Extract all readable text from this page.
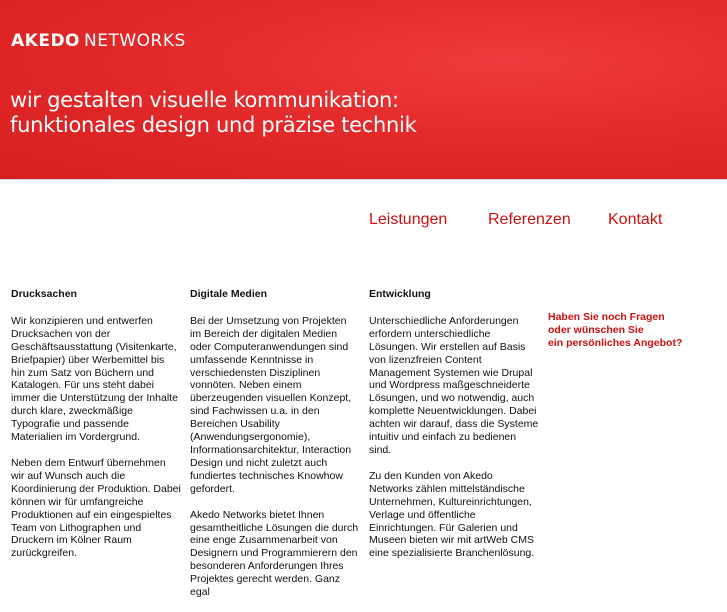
AKEDO NETWORKS
wir gestalten visuelle kommunikation:
funktionales design und präzise technik
Leistungen	Referenzen Kontakt
Drucksachen

Wir konzipieren und entwerfen Drucksachen von der Geschäftsausstattung (Visitenkarte, Briefpapier) über Werbemittel bis hin zum Satz von Büchern und Katalogen. Für uns steht dabei immer die Unterstützung der Inhalte durch klare, zweckmäßige Typografie und passende Materialien im Vordergrund.

Neben dem Entwurf übernehmen wir auf Wunsch auch die Koordinierung der Produktion. Dabei können wir für umfangreiche Produktionen auf ein eingespieltes Team von Lithographen und Druckern im Kölner Raum zurückgreifen.

Digitale Medien

Bei der Umsetzung von Projekten im Bereich der digitalen Medien oder Computeranwendungen sind umfassende Kenntnisse in verschiedensten Disziplinen vonnöten. Neben einem überzeugenden visuellen Konzept, sind Fachwissen u.a. in den Bereichen Usability (Anwendungsergonomie), Informationsarchitektur, Interaction Design und nicht zuletzt auch fundiertes technisches Knowhow gefordert.

Akedo Networks bietet Ihnen gesamtheitliche Lösungen die durch eine enge Zusammenarbeit von Designern und Programmierern den besonderen Anforderungen Ihres Projektes gerecht werden. Ganz egal

Entwicklung

Unterschiedliche Anforderungen erfordern unterschiedliche Lösungen. Wir erstellen auf Basis von lizenzfreien Content Management Systemen wie Drupal und Wordpress maßgeschneiderte Lösungen, und wo notwendig, auch komplette Neuentwicklungen. Dabei achten wir darauf, dass die Systeme intuitiv und einfach zu bedienen sind.

Zu den Kunden von Akedo Networks zählen mittelständische Unternehmen, Kultureinrichtungen, Verlage und öffentliche Einrichtungen. Für Galerien und Museen bieten wir mit artWeb CMS eine spezialisierte Branchenlösung.

Haben Sie noch Fragen
oder wünschen Sie
ein persönliches Angebot?
